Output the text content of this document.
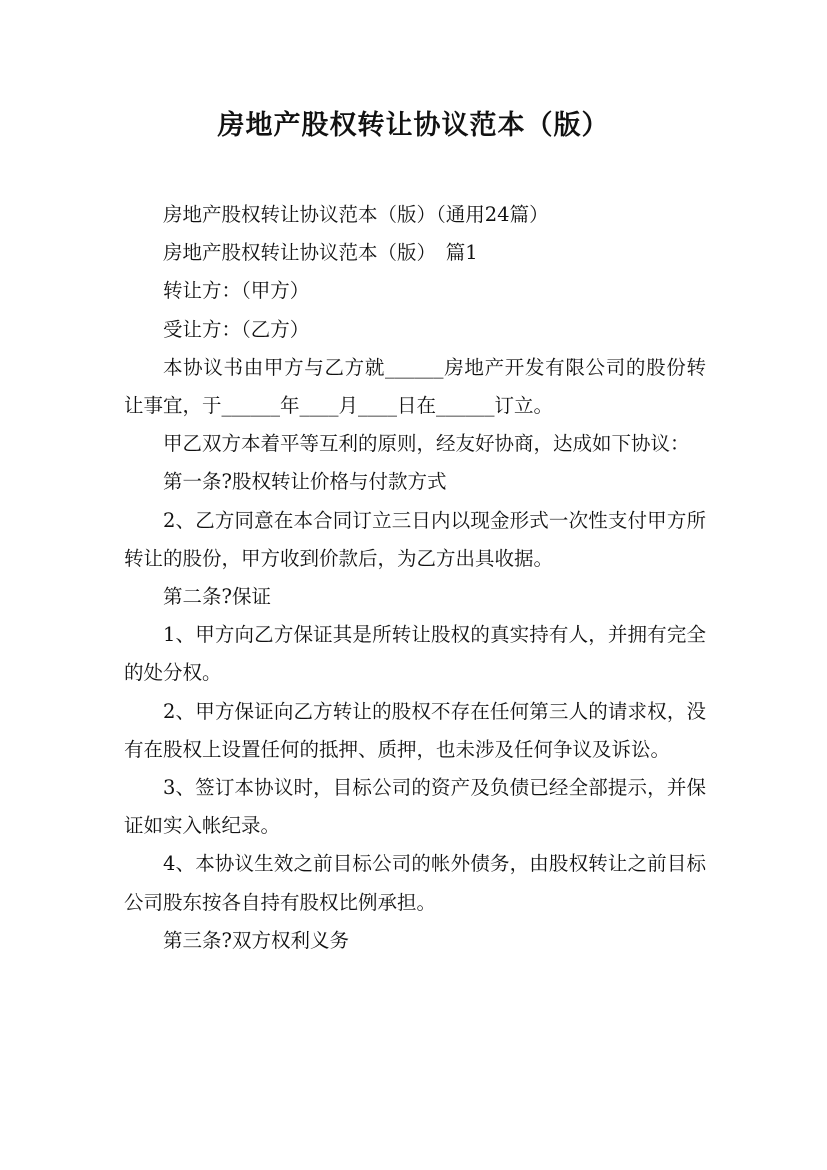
房地产股权转让协议范本（版）

房地产股权转让协议范本（版）（通用24篇）

房地产股权转让协议范本（版）　篇1

转让方：（甲方）

受让方：（乙方）

本协议书由甲方与乙方就______房地产开发有限公司的股份转让事宜，于______年____月____日在______订立。

甲乙双方本着平等互利的原则，经友好协商，达成如下协议：

第一条?股权转让价格与付款方式

2、乙方同意在本合同订立三日内以现金形式一次性支付甲方所转让的股份，甲方收到价款后，为乙方出具收据。

第二条?保证

1、甲方向乙方保证其是所转让股权的真实持有人，并拥有完全的处分权。

2、甲方保证向乙方转让的股权不存在任何第三人的请求权，没有在股权上设置任何的抵押、质押，也未涉及任何争议及诉讼。

3、签订本协议时，目标公司的资产及负债已经全部提示，并保证如实入帐纪录。

4、本协议生效之前目标公司的帐外债务，由股权转让之前目标公司股东按各自持有股权比例承担。

第三条?双方权利义务
